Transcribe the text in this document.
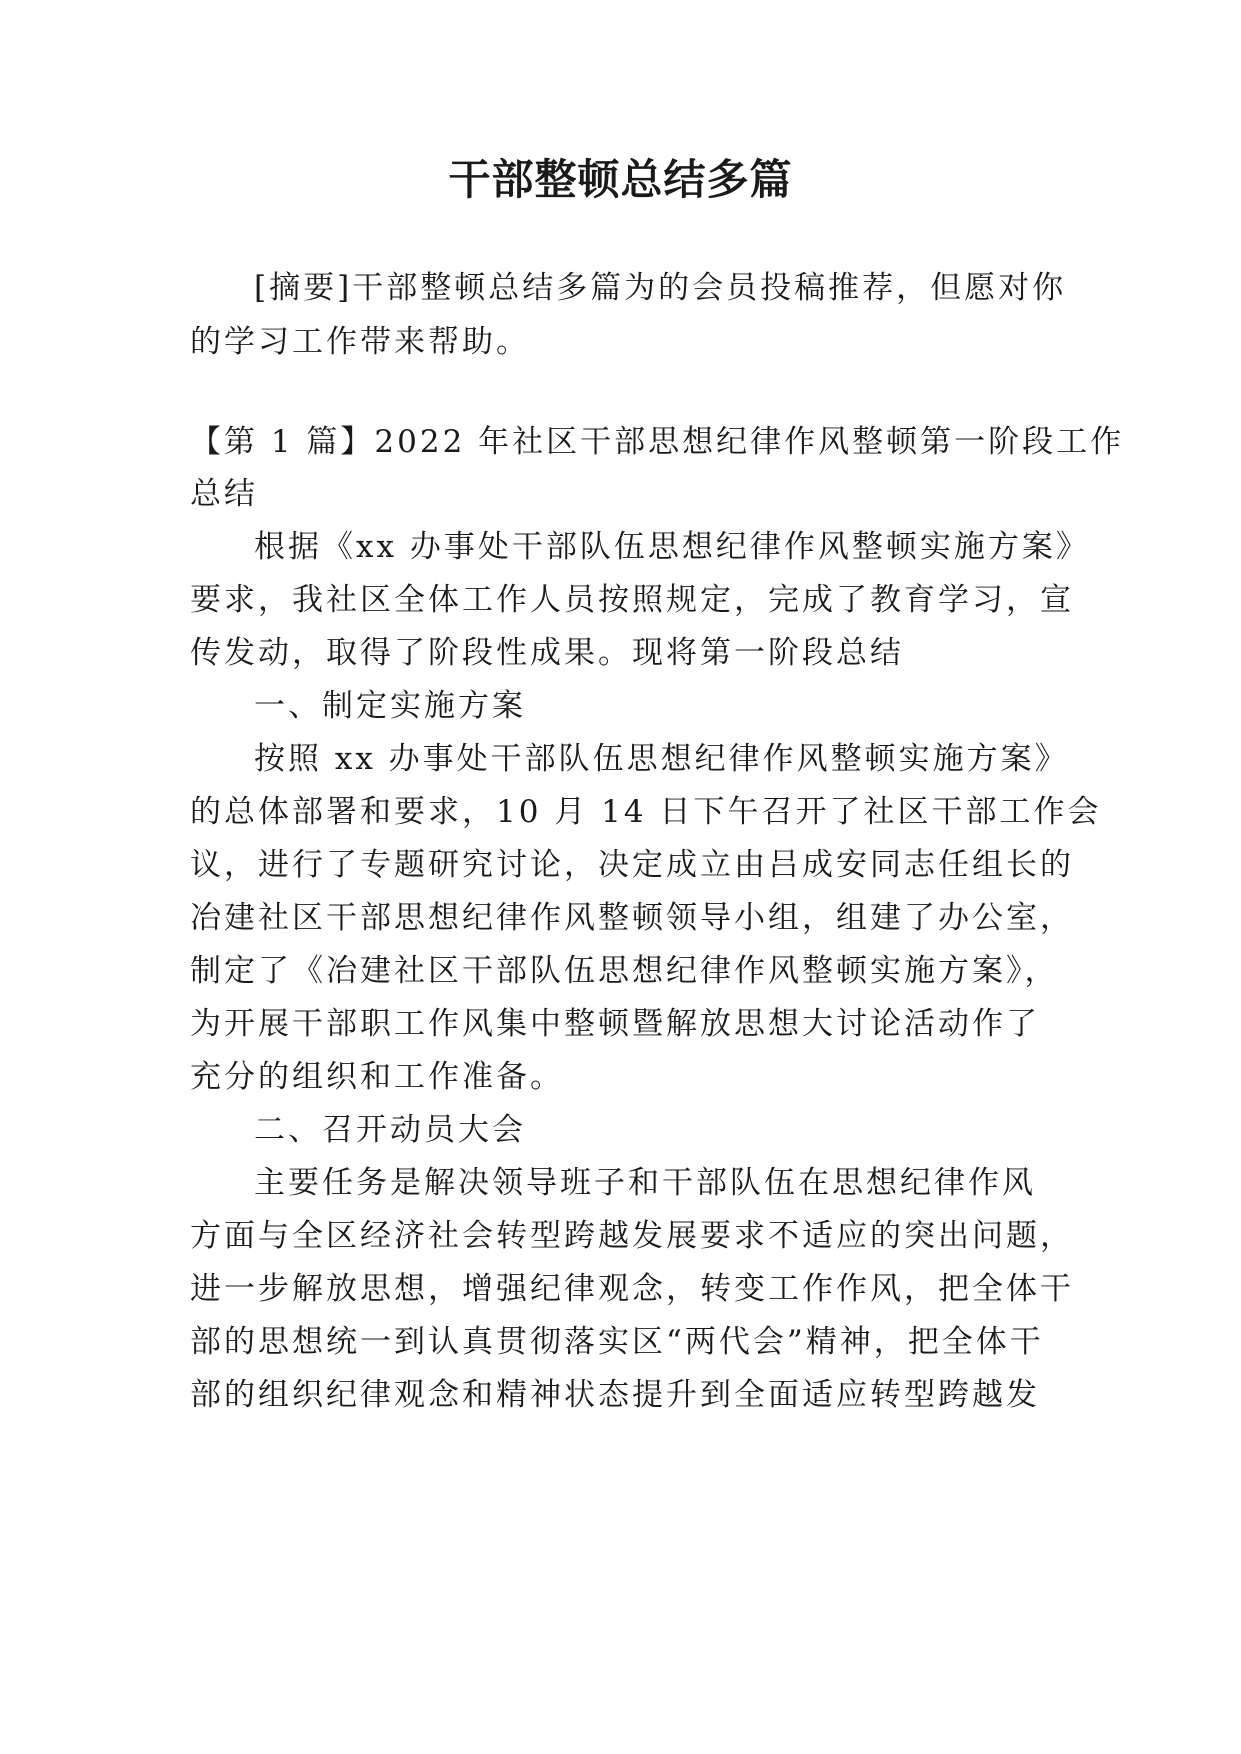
干部整顿总结多篇
[摘要]干部整顿总结多篇为的会员投稿推荐，但愿对你
的学习工作带来帮助。
【第 1 篇】2022 年社区干部思想纪律作风整顿第一阶段工作
总结
根据《xx 办事处干部队伍思想纪律作风整顿实施方案》
要求，我社区全体工作人员按照规定，完成了教育学习，宣
传发动，取得了阶段性成果。现将第一阶段总结
一、制定实施方案
按照 xx 办事处干部队伍思想纪律作风整顿实施方案》
的总体部署和要求，10 月 14 日下午召开了社区干部工作会
议，进行了专题研究讨论，决定成立由吕成安同志任组长的
冶建社区干部思想纪律作风整顿领导小组，组建了办公室，
制定了《冶建社区干部队伍思想纪律作风整顿实施方案》，
为开展干部职工作风集中整顿暨解放思想大讨论活动作了
充分的组织和工作准备。
二、召开动员大会
主要任务是解决领导班子和干部队伍在思想纪律作风
方面与全区经济社会转型跨越发展要求不适应的突出问题，
进一步解放思想，增强纪律观念，转变工作作风，把全体干
部的思想统一到认真贯彻落实区“两代会”精神，把全体干
部的组织纪律观念和精神状态提升到全面适应转型跨越发
